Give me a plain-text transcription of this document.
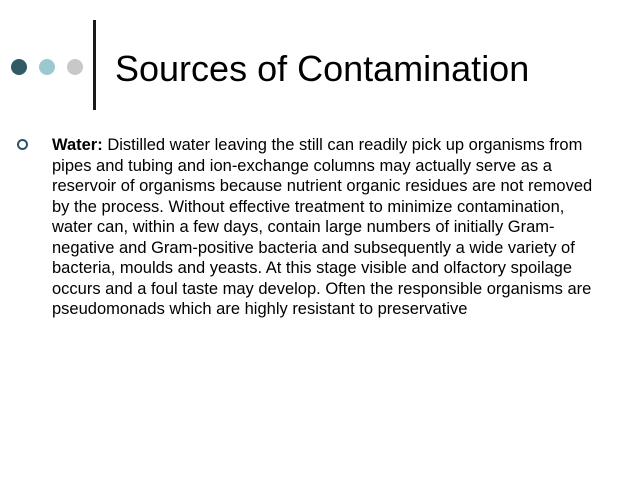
Sources of Contamination

Water: Distilled water leaving the still can readily pick up organisms from pipes and tubing and ion-exchange columns may actually serve as a reservoir of organisms because nutrient organic residues are not removed by the process. Without effective treatment to minimize contamination, water can, within a few days, contain large numbers of initially Gram-negative and Gram-positive bacteria and subsequently a wide variety of bacteria, moulds and yeasts. At this stage visible and olfactory spoilage occurs and a foul taste may develop. Often the responsible organisms are pseudomonads which are highly resistant to preservative
